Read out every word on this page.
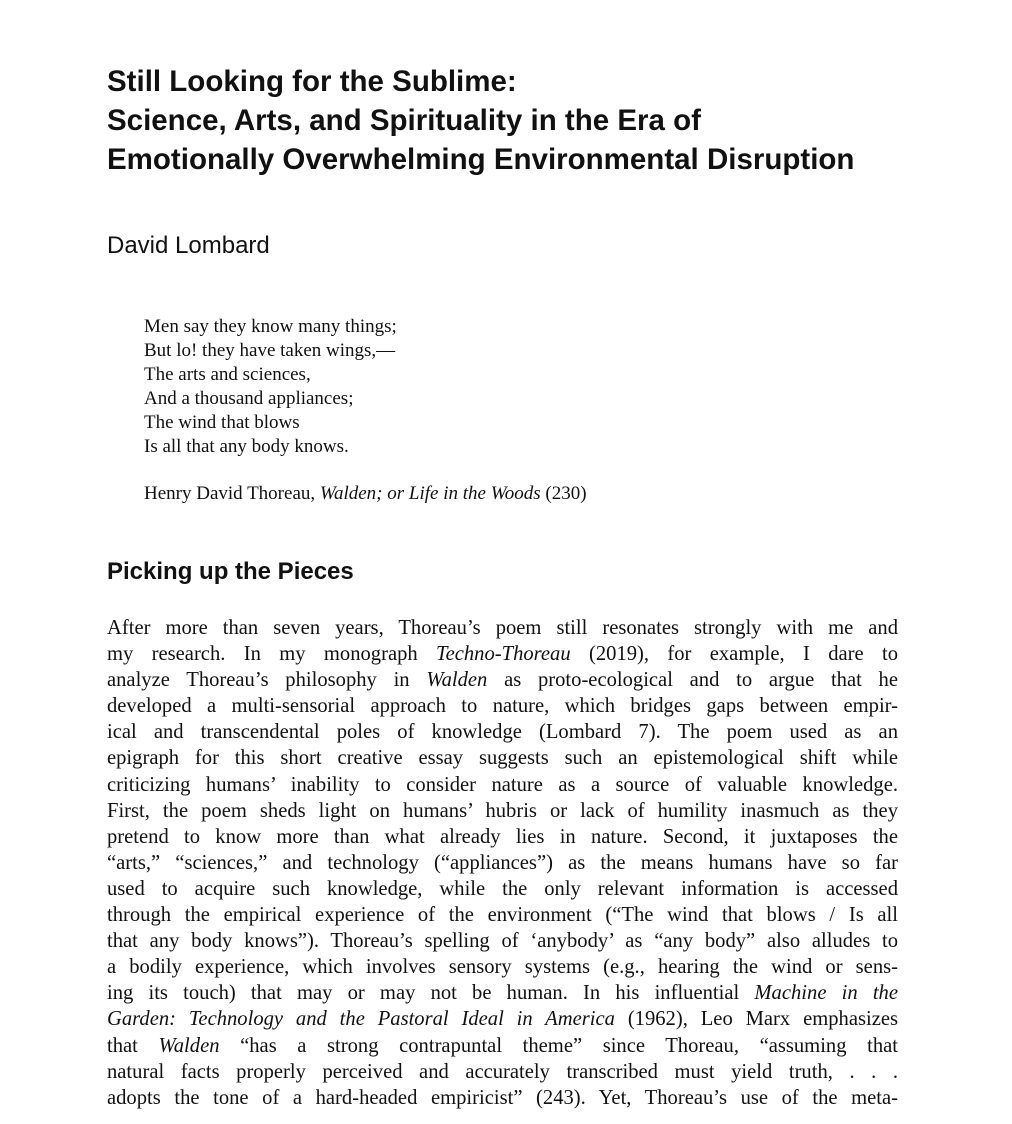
Still Looking for the Sublime:
Science, Arts, and Spirituality in the Era of
Emotionally Overwhelming Environmental Disruption
David Lombard
Men say they know many things;
But lo! they have taken wings,—
The arts and sciences,
And a thousand appliances;
The wind that blows
Is all that any body knows.
Henry David Thoreau, Walden; or Life in the Woods (230)
Picking up the Pieces
After more than seven years, Thoreau’s poem still resonates strongly with me and
my research. In my monograph Techno-Thoreau (2019), for example, I dare to
analyze Thoreau’s philosophy in Walden as proto-ecological and to argue that he
developed a multi-sensorial approach to nature, which bridges gaps between empir-
ical and transcendental poles of knowledge (Lombard 7). The poem used as an
epigraph for this short creative essay suggests such an epistemological shift while
criticizing humans’ inability to consider nature as a source of valuable knowledge.
First, the poem sheds light on humans’ hubris or lack of humility inasmuch as they
pretend to know more than what already lies in nature. Second, it juxtaposes the
“arts,” “sciences,” and technology (“appliances”) as the means humans have so far
used to acquire such knowledge, while the only relevant information is accessed
through the empirical experience of the environment (“The wind that blows / Is all
that any body knows”). Thoreau’s spelling of ‘anybody’ as “any body” also alludes to
a bodily experience, which involves sensory systems (e.g., hearing the wind or sens-
ing its touch) that may or may not be human. In his influential Machine in the
Garden: Technology and the Pastoral Ideal in America (1962), Leo Marx emphasizes
that Walden “has a strong contrapuntal theme” since Thoreau, “assuming that
natural facts properly perceived and accurately transcribed must yield truth, . . .
adopts the tone of a hard-headed empiricist” (243). Yet, Thoreau’s use of the meta-
